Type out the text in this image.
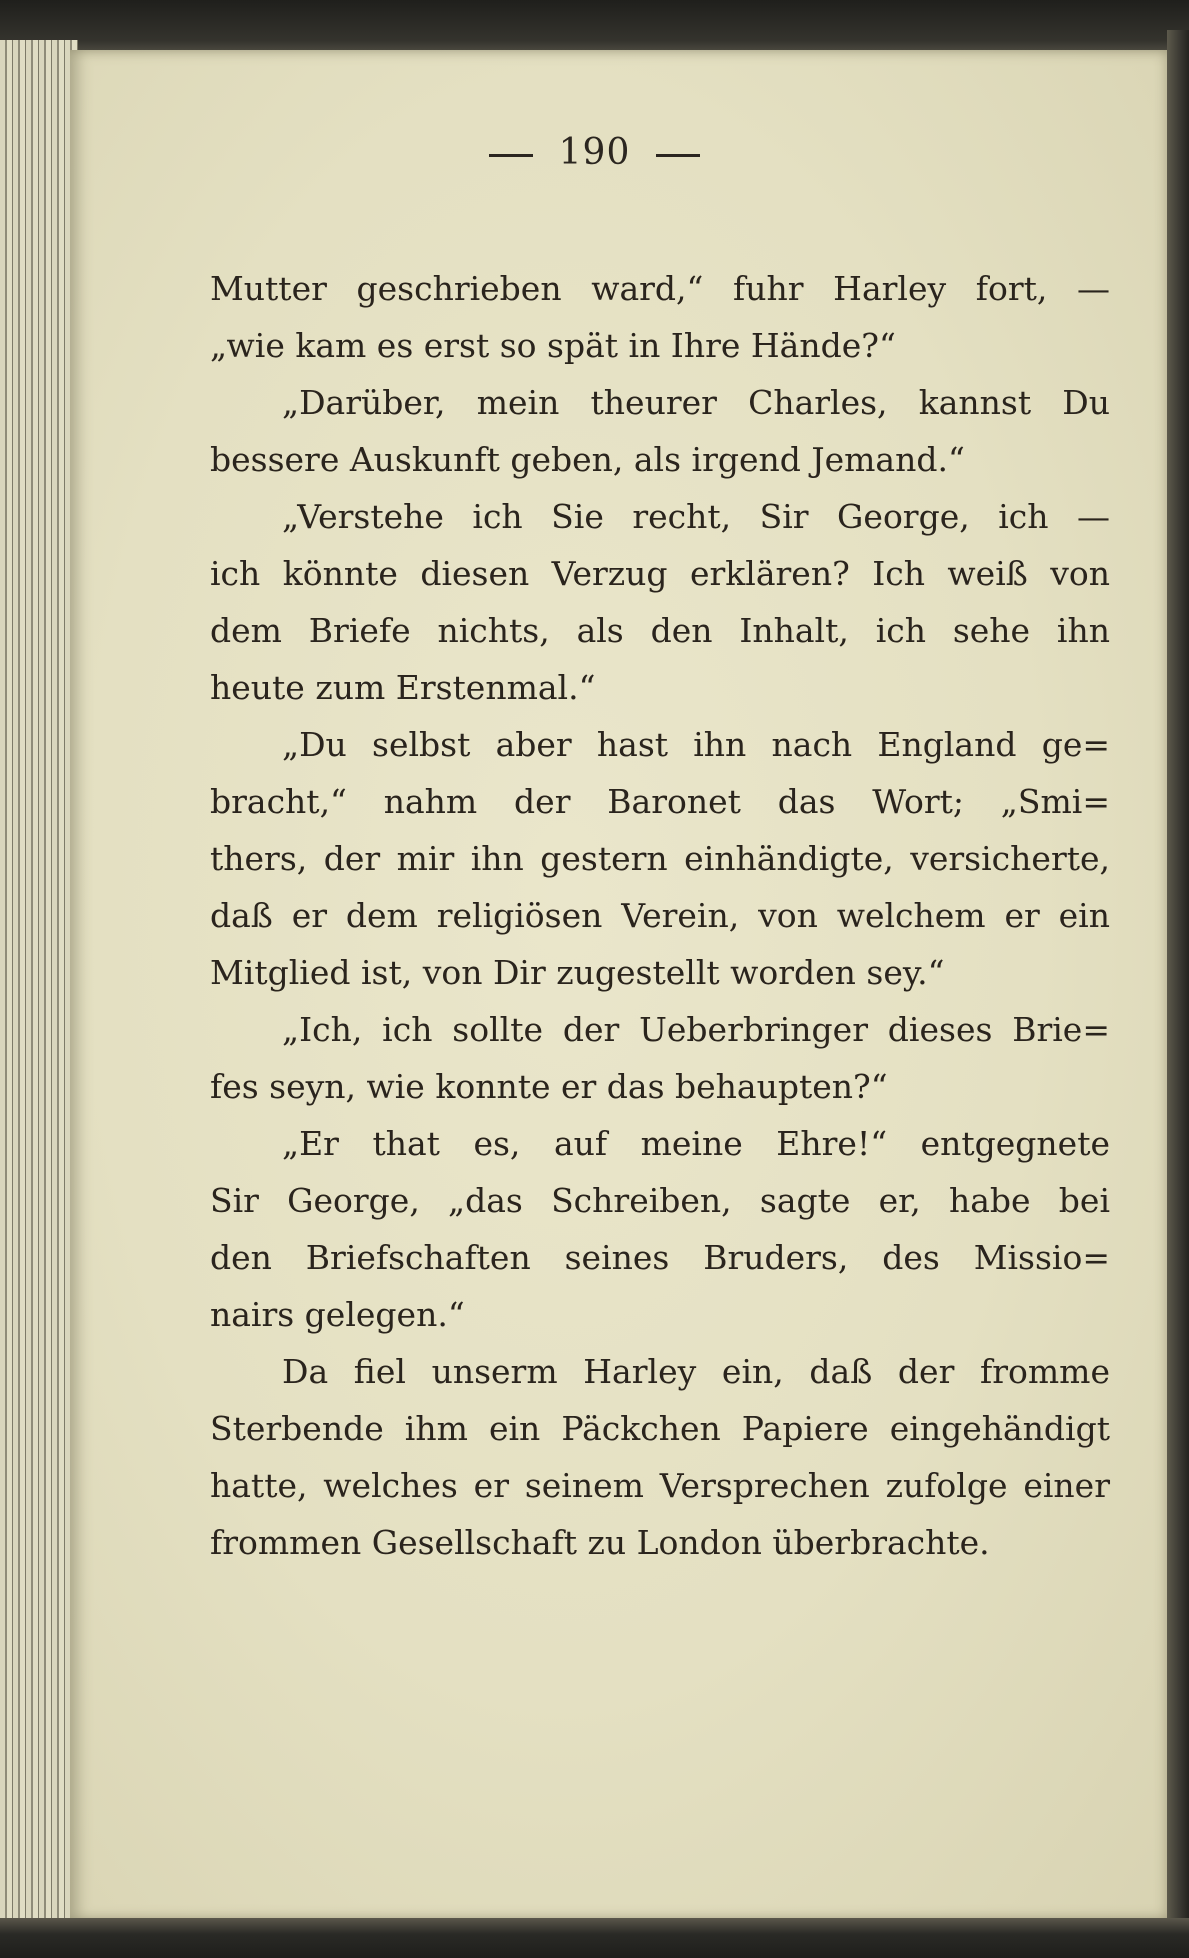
190
Mutter geschrieben ward,“ fuhr Harley fort, —
„wie kam es erst so spät in Ihre Hände?“
„Darüber, mein theurer Charles, kannst Du
bessere Auskunft geben, als irgend Jemand.“
„Verstehe ich Sie recht, Sir George, ich —
ich könnte diesen Verzug erklären? Ich weiß von
dem Briefe nichts, als den Inhalt, ich sehe ihn
heute zum Erstenmal.“
„Du selbst aber hast ihn nach England ge=
bracht,“ nahm der Baronet das Wort; „Smi=
thers, der mir ihn gestern einhändigte, versicherte,
daß er dem religiösen Verein, von welchem er ein
Mitglied ist, von Dir zugestellt worden sey.“
„Ich, ich sollte der Ueberbringer dieses Brie=
fes seyn, wie konnte er das behaupten?“
„Er that es, auf meine Ehre!“ entgegnete
Sir George, „das Schreiben, sagte er, habe bei
den Briefschaften seines Bruders, des Missio=
nairs gelegen.“
Da fiel unserm Harley ein, daß der fromme
Sterbende ihm ein Päckchen Papiere eingehändigt
hatte, welches er seinem Versprechen zufolge einer
frommen Gesellschaft zu London überbrachte.
